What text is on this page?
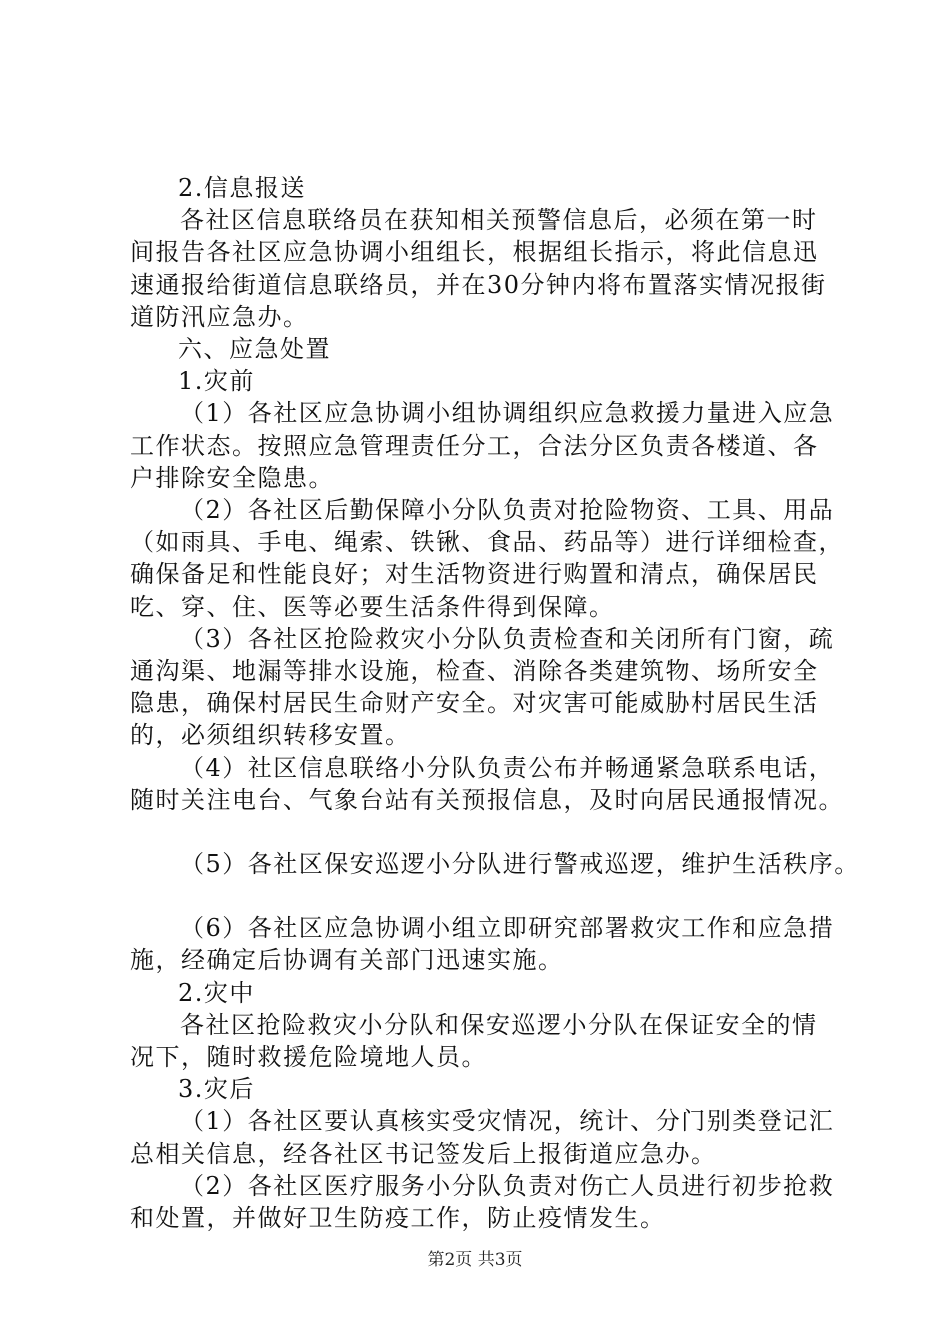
2.信息报送

各社区信息联络员在获知相关预警信息后，必须在第一时

间报告各社区应急协调小组组长，根据组长指示，将此信息迅

速通报给街道信息联络员，并在30分钟内将布置落实情况报街

道防汛应急办。

六、应急处置

1.灾前

（1）各社区应急协调小组协调组织应急救援力量进入应急

工作状态。按照应急管理责任分工，合法分区负责各楼道、各

户排除安全隐患。

（2）各社区后勤保障小分队负责对抢险物资、工具、用品

（如雨具、手电、绳索、铁锹、食品、药品等）进行详细检查，

确保备足和性能良好；对生活物资进行购置和清点，确保居民

吃、穿、住、医等必要生活条件得到保障。

（3）各社区抢险救灾小分队负责检查和关闭所有门窗，疏

通沟渠、地漏等排水设施，检查、消除各类建筑物、场所安全

隐患，确保村居民生命财产安全。对灾害可能威胁村居民生活

的，必须组织转移安置。

（4）社区信息联络小分队负责公布并畅通紧急联系电话，

随时关注电台、气象台站有关预报信息，及时向居民通报情况。

（5）各社区保安巡逻小分队进行警戒巡逻，维护生活秩序。

（6）各社区应急协调小组立即研究部署救灾工作和应急措

施，经确定后协调有关部门迅速实施。

2.灾中

各社区抢险救灾小分队和保安巡逻小分队在保证安全的情

况下，随时救援危险境地人员。

3.灾后

（1）各社区要认真核实受灾情况，统计、分门别类登记汇

总相关信息，经各社区书记签发后上报街道应急办。

（2）各社区医疗服务小分队负责对伤亡人员进行初步抢救

和处置，并做好卫生防疫工作，防止疫情发生。

第2页 共3页
